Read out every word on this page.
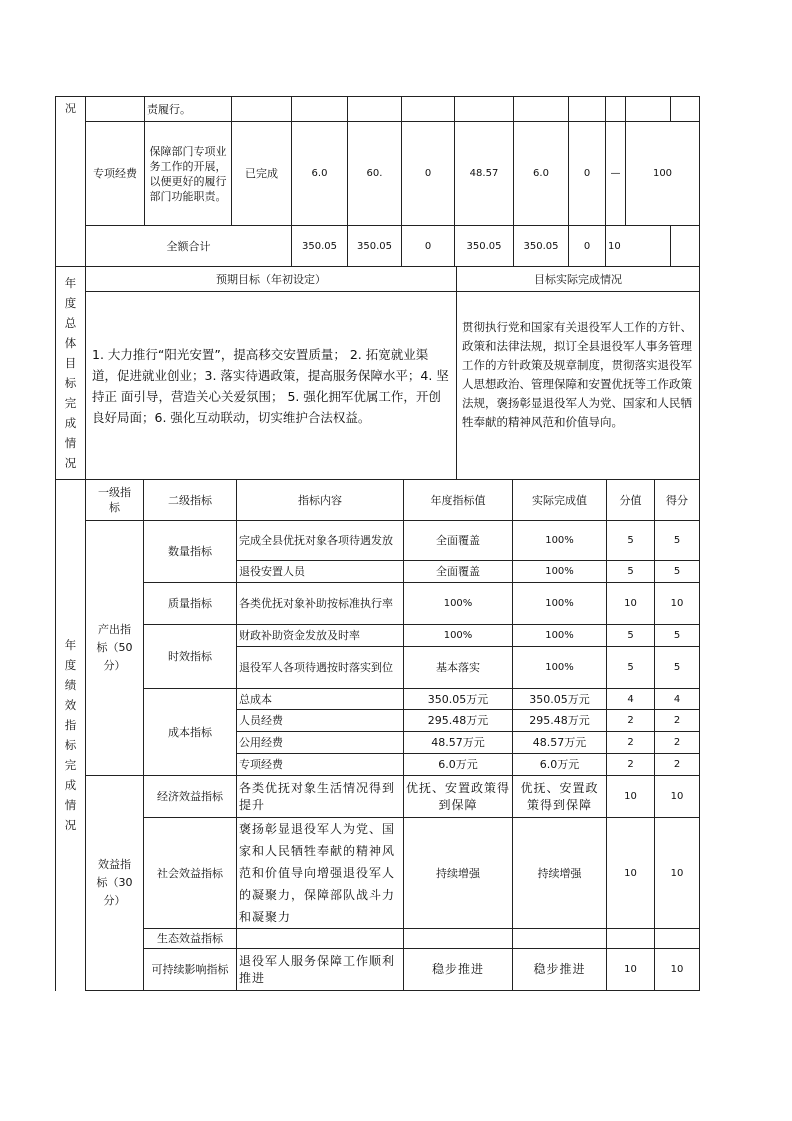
况		责履行。											
	专项经费	保障部门专项业务工作的开展，以便更好的履行部门功能职责。	已完成	6.0	60.	0	48.57	6.0	0	—	100	
	全额合计			350.05	350.05	0	350.05	350.05	0	10		
年度总体目标完成情况	预期目标（年初设定）	目标实际完成情况
	1. 大力推行“阳光安置”，提高移交安置质量； 2. 拓宽就业渠道，促进就业创业；3. 落实待遇政策，提高服务保障水平；4. 坚持正 面引导，营造关心关爱氛围； 5. 强化拥军优属工作，开创良好局面；6. 强化互动联动，切实维护合法权益。	贯彻执行党和国家有关退役军人工作的方针、政策和法律法规，拟订全县退役军人事务管理工作的方针政策及规章制度，贯彻落实退役军人思想政治、管理保障和安置优抚等工作政策法规，褒扬彰显退役军人为党、国家和人民牺牲奉献的精神风范和价值导向。
年度绩效指标完成情况	一级指标	二级指标	指标内容	年度指标值	实际完成值	分值	得分
	产出指标（50分）	数量指标	完成全县优抚对象各项待遇发放	全面覆盖	100%	5	5
			退役安置人员	全面覆盖	100%	5	5
		质量指标	各类优抚对象补助按标准执行率	100%	100%	10	10
		时效指标	财政补助资金发放及时率	100%	100%	5	5
			退役军人各项待遇按时落实到位	基本落实	100%	5	5
		成本指标	总成本	350.05万元	350.05万元	4	4
			人员经费	295.48万元	295.48万元	2	2
			公用经费	48.57万元	48.57万元	2	2
			专项经费	6.0万元	6.0万元	2	2
	效益指标（30分）	经济效益指标	各类优抚对象生活情况得到提升	优抚、安置政策得到保障	优抚、安置政策得到保障	10	10
		社会效益指标	褒扬彰显退役军人为党、国家和人民牺牲奉献的精神风范和价值导向增强退役军人的凝聚力，保障部队战斗力和凝聚力	持续增强	持续增强	10	10
		生态效益指标					
		可持续影响指标	退役军人服务保障工作顺利推进	稳步推进	稳步推进	10	10
